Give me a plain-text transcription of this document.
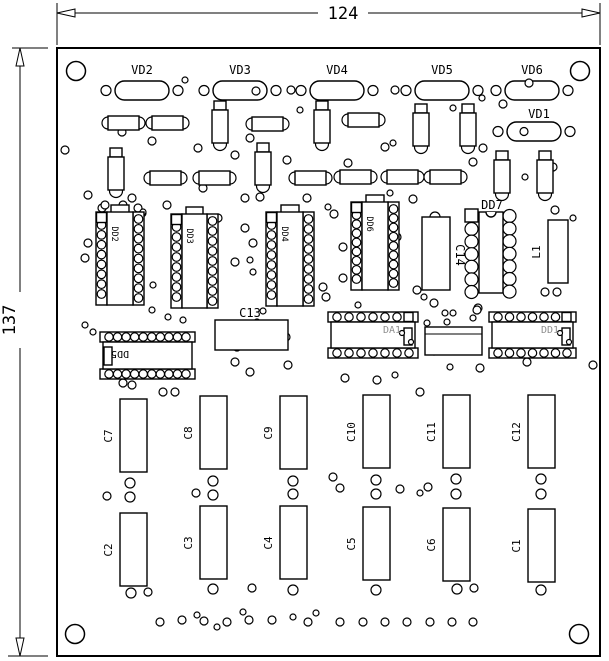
124
137
VD2	VD3	VD4	VD5	VD6
VD1
DD2	DD3	DD4
DD6
DD7
DD5
DA1	DD1
C13
C14	L1
C7	C8	C9	C10	C11	C12
C2
C3	C4	C5	C6	C1
